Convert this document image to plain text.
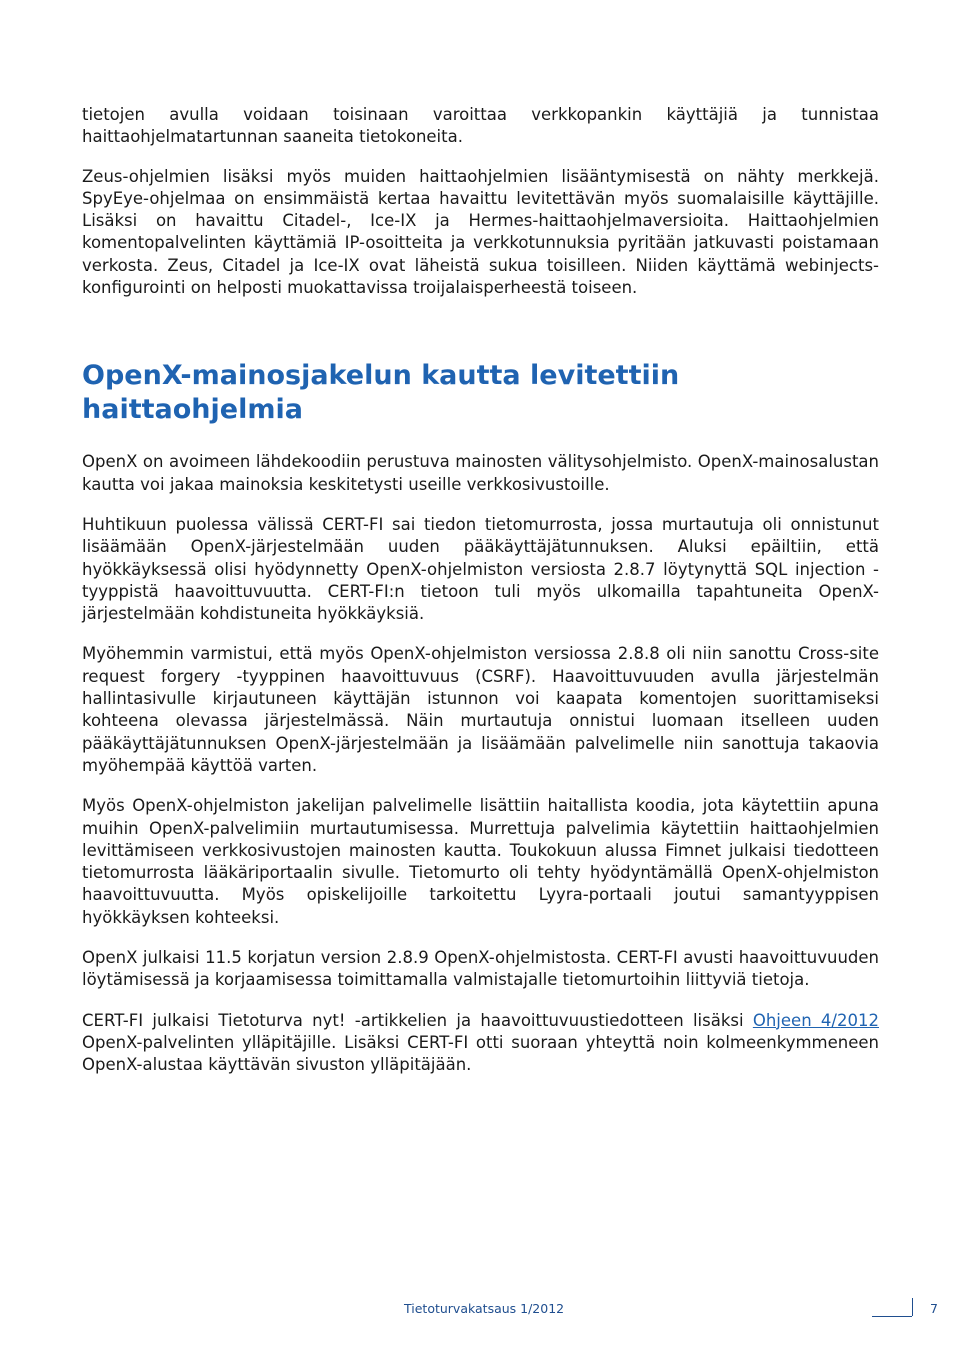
tietojen avulla voidaan toisinaan varoittaa verkkopankin käyttäjiä ja tunnistaa haittaohjelmatartunnan saaneita tietokoneita.

Zeus-ohjelmien lisäksi myös muiden haittaohjelmien lisääntymisestä on nähty merkkejä. SpyEye-ohjelmaa on ensimmäistä kertaa havaittu levitettävän myös suomalaisille käyttäjille. Lisäksi on havaittu Citadel-, Ice-IX ja Hermes-haittaohjelmaversioita. Haittaohjelmien komentopalvelinten käyttämiä IP-osoitteita ja verkkotunnuksia pyritään jatkuvasti poistamaan verkosta. Zeus, Citadel ja Ice-IX ovat läheistä sukua toisilleen. Niiden käyttämä webinjects-konfigurointi on helposti muokattavissa troijalaisperheestä toiseen.

OpenX-mainosjakelun kautta levitettiin haittaohjelmia

OpenX on avoimeen lähdekoodiin perustuva mainosten välitysohjelmisto. OpenX-mainosalustan kautta voi jakaa mainoksia keskitetysti useille verkkosivustoille.

Huhtikuun puolessa välissä CERT-FI sai tiedon tietomurrosta, jossa murtautuja oli onnistunut lisäämään OpenX-järjestelmään uuden pääkäyttäjätunnuksen. Aluksi epäiltiin, että hyökkäyksessä olisi hyödynnetty OpenX-ohjelmiston versiosta 2.8.7 löytynyttä SQL injection -tyyppistä haavoittuvuutta. CERT-FI:n tietoon tuli myös ulkomailla tapahtuneita OpenX-järjestelmään kohdistuneita hyökkäyksiä.

Myöhemmin varmistui, että myös OpenX-ohjelmiston versiossa 2.8.8 oli niin sanottu Cross-site request forgery -tyyppinen haavoittuvuus (CSRF). Haavoittuvuuden avulla järjestelmän hallintasivulle kirjautuneen käyttäjän istunnon voi kaapata komentojen suorittamiseksi kohteena olevassa järjestelmässä. Näin murtautuja onnistui luomaan itselleen uuden pääkäyttäjätunnuksen OpenX-järjestelmään ja lisäämään palvelimelle niin sanottuja takaovia myöhempää käyttöä varten.

Myös OpenX-ohjelmiston jakelijan palvelimelle lisättiin haitallista koodia, jota käytettiin apuna muihin OpenX-palvelimiin murtautumisessa. Murrettuja palvelimia käytettiin haittaohjelmien levittämiseen verkkosivustojen mainosten kautta. Toukokuun alussa Fimnet julkaisi tiedotteen tietomurrosta lääkäriportaalin sivulle. Tietomurto oli tehty hyödyntämällä OpenX-ohjelmiston haavoittuvuutta. Myös opiskelijoille tarkoitettu Lyyra-portaali joutui samantyyppisen hyökkäyksen kohteeksi.

OpenX julkaisi 11.5 korjatun version 2.8.9 OpenX-ohjelmistosta. CERT-FI avusti haavoittuvuuden löytämisessä ja korjaamisessa toimittamalla valmistajalle tietomurtoihin liittyviä tietoja.

CERT-FI julkaisi Tietoturva nyt! -artikkelien ja haavoittuvuustiedotteen lisäksi Ohjeen 4/2012 OpenX-palvelinten ylläpitäjille. Lisäksi CERT-FI otti suoraan yhteyttä noin kolmeenkymmeneen OpenX-alustaa käyttävän sivuston ylläpitäjään.

Tietoturvakatsaus 1/2012	7
